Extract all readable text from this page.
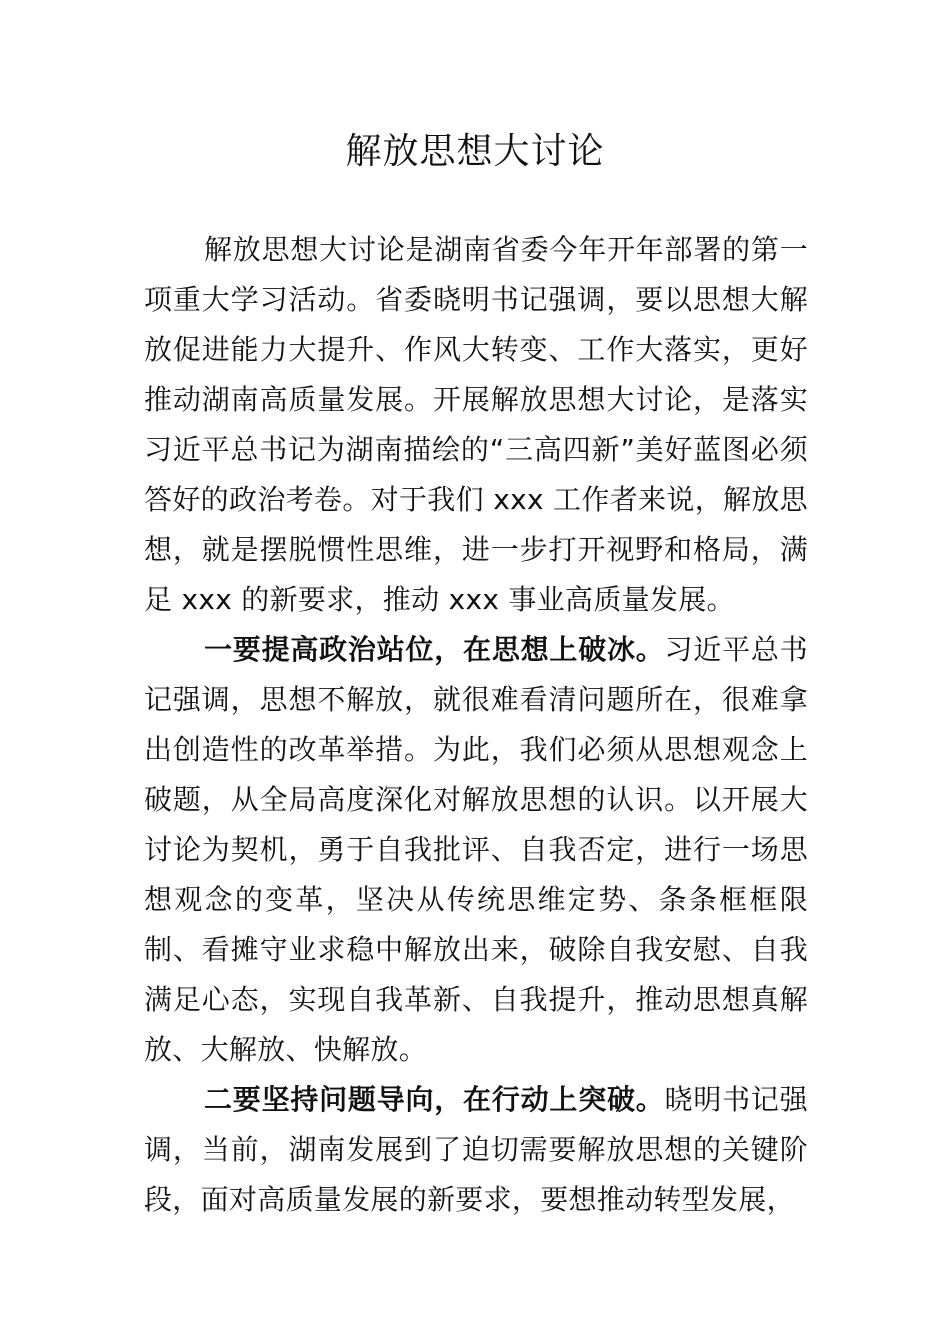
解放思想大讨论

解放思想大讨论是湖南省委今年开年部署的第一项重大学习活动。省委晓明书记强调，要以思想大解放促进能力大提升、作风大转变、工作大落实，更好推动湖南高质量发展。开展解放思想大讨论，是落实习近平总书记为湖南描绘的“三高四新”美好蓝图必须答好的政治考卷。对于我们 xxx 工作者来说，解放思想，就是摆脱惯性思维，进一步打开视野和格局，满足 xxx 的新要求，推动 xxx 事业高质量发展。

一要提高政治站位，在思想上破冰。习近平总书记强调，思想不解放，就很难看清问题所在，很难拿出创造性的改革举措。为此，我们必须从思想观念上破题，从全局高度深化对解放思想的认识。以开展大讨论为契机，勇于自我批评、自我否定，进行一场思想观念的变革，坚决从传统思维定势、条条框框限制、看摊守业求稳中解放出来，破除自我安慰、自我满足心态，实现自我革新、自我提升，推动思想真解放、大解放、快解放。

二要坚持问题导向，在行动上突破。晓明书记强调，当前，湖南发展到了迫切需要解放思想的关键阶段，面对高质量发展的新要求，要想推动转型发展，
